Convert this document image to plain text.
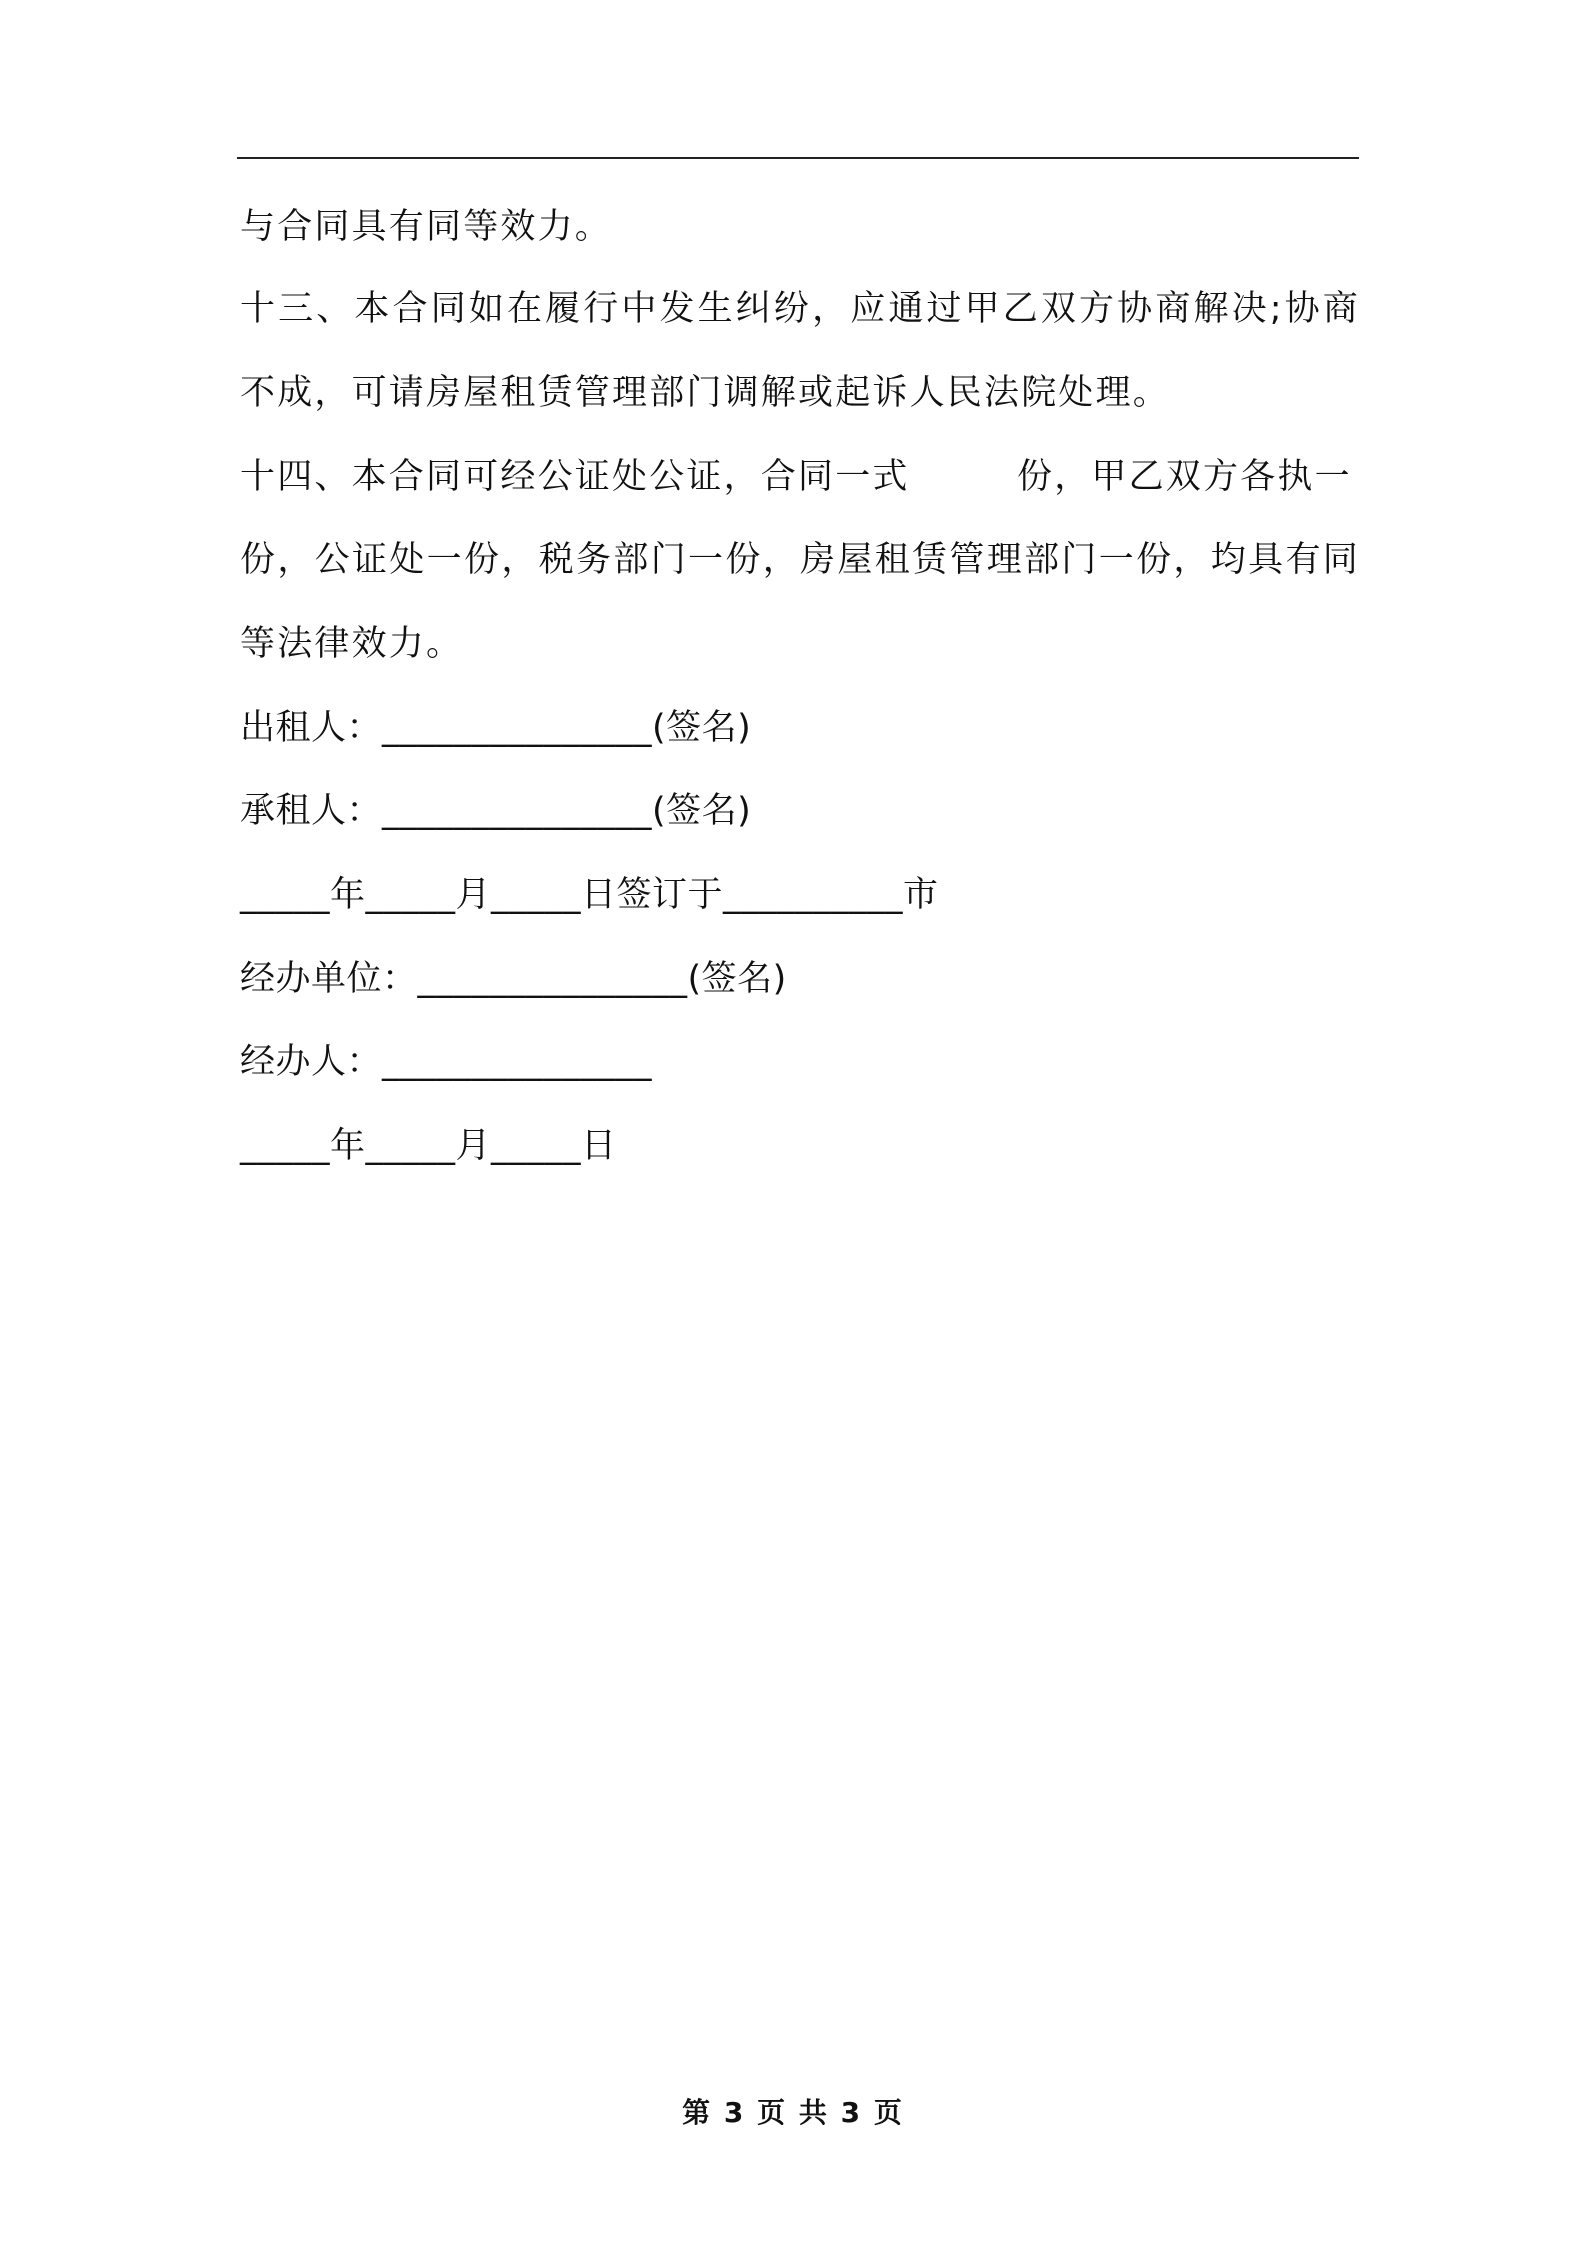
与合同具有同等效力。
十三、本合同如在履行中发生纠纷，应通过甲乙双方协商解决;协商
不成，可请房屋租赁管理部门调解或起诉人民法院处理。
十四、本合同可经公证处公证，合同一式	份，甲乙双方各执一
份，公证处一份，税务部门一份，房屋租赁管理部门一份，均具有同
等法律效力。
出租人：_______________(签名)
承租人：_______________(签名)
_____年_____月_____日签订于__________市
经办单位：_______________(签名)
经办人：_______________
_____年_____月_____日
第 3 页 共 3 页
